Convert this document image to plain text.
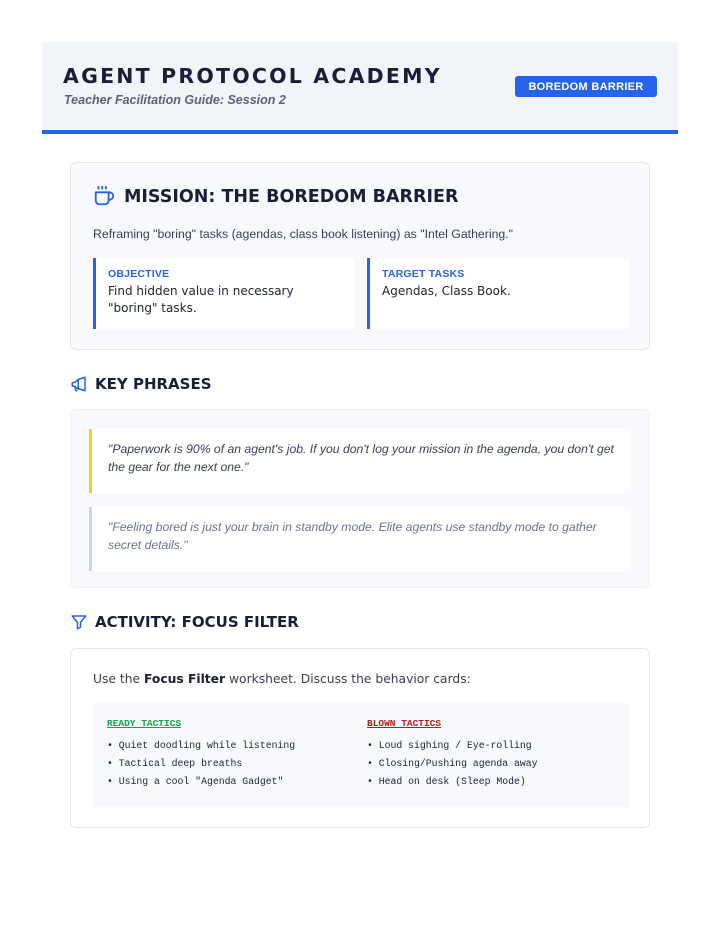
AGENT PROTOCOL ACADEMY
Teacher Facilitation Guide: Session 2
BOREDOM BARRIER
MISSION: THE BOREDOM BARRIER
Reframing "boring" tasks (agendas, class book listening) as "Intel Gathering."
OBJECTIVE
Find hidden value in necessary "boring" tasks.
TARGET TASKS
Agendas, Class Book.
KEY PHRASES
"Paperwork is 90% of an agent's job. If you don't log your mission in the agenda, you don't get the gear for the next one."
"Feeling bored is just your brain in standby mode. Elite agents use standby mode to gather secret details."
ACTIVITY: FOCUS FILTER
Use the Focus Filter worksheet. Discuss the behavior cards:
READY TACTICS
• Quiet doodling while listening
• Tactical deep breaths
• Using a cool "Agenda Gadget"
BLOWN TACTICS
• Loud sighing / Eye-rolling
• Closing/Pushing agenda away
• Head on desk (Sleep Mode)
